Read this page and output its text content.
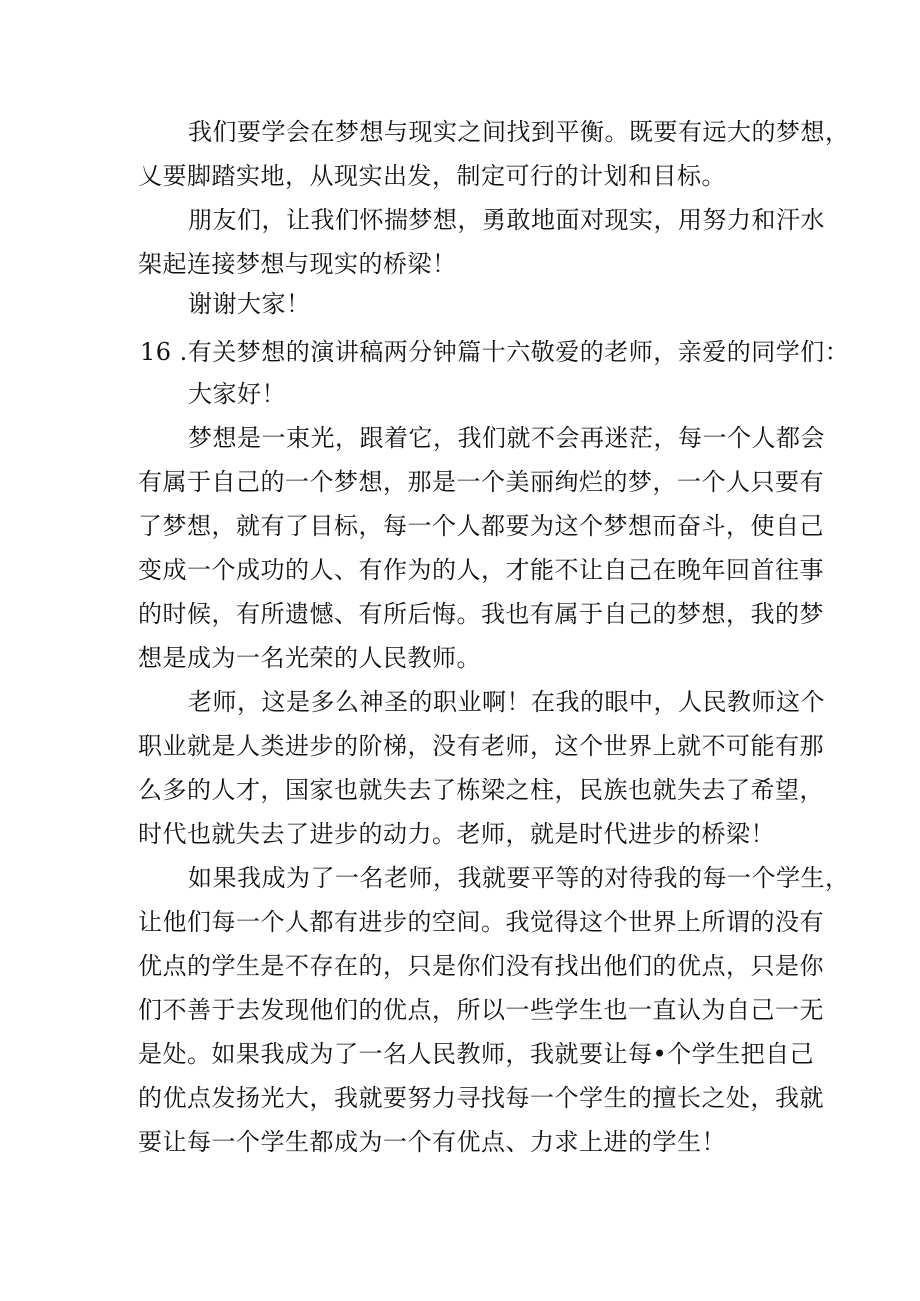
我们要学会在梦想与现实之间找到平衡。既要有远大的梦想，
乂要脚踏实地，从现实出发，制定可行的计划和目标。
朋友们，让我们怀揣梦想，勇敢地面对现实，用努力和汗水
架起连接梦想与现实的桥梁！
谢谢大家！
16 .有关梦想的演讲稿两分钟篇十六敬爱的老师，亲爱的同学们：
大家好！
梦想是一束光，跟着它，我们就不会再迷茫，每一个人都会
有属于自己的一个梦想，那是一个美丽绚烂的梦，一个人只要有
了梦想，就有了目标，每一个人都要为这个梦想而奋斗，使自己
变成一个成功的人、有作为的人，才能不让自己在晚年回首往事
的时候，有所遗憾、有所后悔。我也有属于自己的梦想，我的梦
想是成为一名光荣的人民教师。
老师，这是多么神圣的职业啊！在我的眼中，人民教师这个
职业就是人类进步的阶梯，没有老师，这个世界上就不可能有那
么多的人才，国家也就失去了栋梁之柱，民族也就失去了希望，
时代也就失去了进步的动力。老师，就是时代进步的桥梁！
如果我成为了一名老师，我就要平等的对待我的每一个学生，
让他们每一个人都有进步的空间。我觉得这个世界上所谓的没有
优点的学生是不存在的，只是你们没有找出他们的优点，只是你
们不善于去发现他们的优点，所以一些学生也一直认为自己一无
是处。如果我成为了一名人民教师，我就要让每•个学生把自己
的优点发扬光大，我就要努力寻找每一个学生的擅长之处，我就
要让每一个学生都成为一个有优点、力求上进的学生！
